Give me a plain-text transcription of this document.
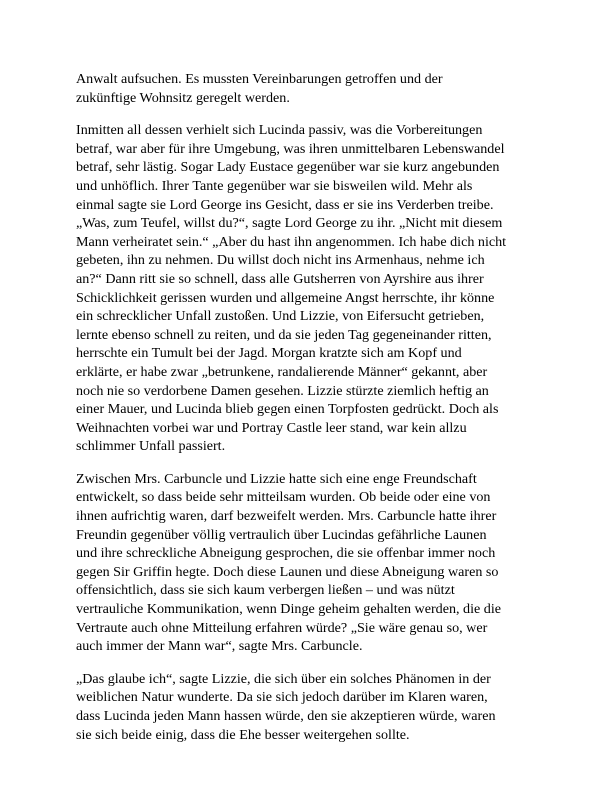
Anwalt aufsuchen. Es mussten Vereinbarungen getroffen und der
zukünftige Wohnsitz geregelt werden.

Inmitten all dessen verhielt sich Lucinda passiv, was die Vorbereitungen
betraf, war aber für ihre Umgebung, was ihren unmittelbaren Lebenswandel
betraf, sehr lästig. Sogar Lady Eustace gegenüber war sie kurz angebunden
und unhöflich. Ihrer Tante gegenüber war sie bisweilen wild. Mehr als
einmal sagte sie Lord George ins Gesicht, dass er sie ins Verderben treibe.
„Was, zum Teufel, willst du?“, sagte Lord George zu ihr. „Nicht mit diesem
Mann verheiratet sein.“ „Aber du hast ihn angenommen. Ich habe dich nicht
gebeten, ihn zu nehmen. Du willst doch nicht ins Armenhaus, nehme ich
an?“ Dann ritt sie so schnell, dass alle Gutsherren von Ayrshire aus ihrer
Schicklichkeit gerissen wurden und allgemeine Angst herrschte, ihr könne
ein schrecklicher Unfall zustoßen. Und Lizzie, von Eifersucht getrieben,
lernte ebenso schnell zu reiten, und da sie jeden Tag gegeneinander ritten,
herrschte ein Tumult bei der Jagd. Morgan kratzte sich am Kopf und
erklärte, er habe zwar „betrunkene, randalierende Männer“ gekannt, aber
noch nie so verdorbene Damen gesehen. Lizzie stürzte ziemlich heftig an
einer Mauer, und Lucinda blieb gegen einen Torpfosten gedrückt. Doch als
Weihnachten vorbei war und Portray Castle leer stand, war kein allzu
schlimmer Unfall passiert.

Zwischen Mrs. Carbuncle und Lizzie hatte sich eine enge Freundschaft
entwickelt, so dass beide sehr mitteilsam wurden. Ob beide oder eine von
ihnen aufrichtig waren, darf bezweifelt werden. Mrs. Carbuncle hatte ihrer
Freundin gegenüber völlig vertraulich über Lucindas gefährliche Launen
und ihre schreckliche Abneigung gesprochen, die sie offenbar immer noch
gegen Sir Griffin hegte. Doch diese Launen und diese Abneigung waren so
offensichtlich, dass sie sich kaum verbergen ließen – und was nützt
vertrauliche Kommunikation, wenn Dinge geheim gehalten werden, die die
Vertraute auch ohne Mitteilung erfahren würde? „Sie wäre genau so, wer
auch immer der Mann war“, sagte Mrs. Carbuncle.

„Das glaube ich“, sagte Lizzie, die sich über ein solches Phänomen in der
weiblichen Natur wunderte. Da sie sich jedoch darüber im Klaren waren,
dass Lucinda jeden Mann hassen würde, den sie akzeptieren würde, waren
sie sich beide einig, dass die Ehe besser weitergehen sollte.
